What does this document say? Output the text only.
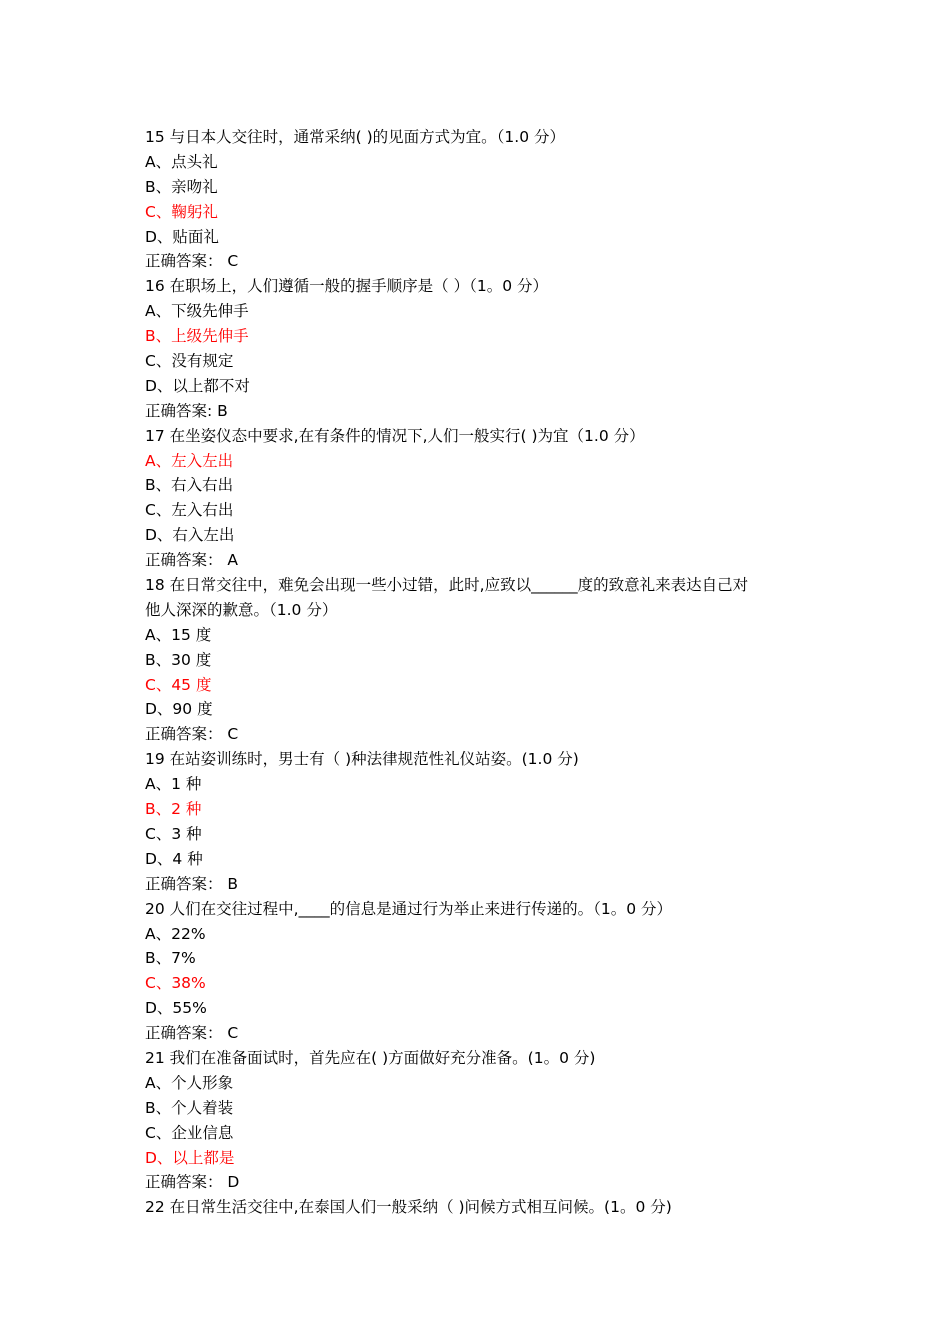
15 与日本人交往时，通常采纳( )的见面方式为宜。（1.0 分）
A、点头礼
B、亲吻礼
C、鞠躬礼
D、贴面礼
正确答案： C
16 在职场上，人们遵循一般的握手顺序是（ ）（1。0 分）
A、下级先伸手
B、上级先伸手
C、没有规定
D、以上都不对
正确答案: B
17 在坐姿仪态中要求,在有条件的情况下,人们一般实行( )为宜（1.0 分）
A、左入左出
B、右入右出
C、左入右出
D、右入左出
正确答案： A
18 在日常交往中，难免会出现一些小过错，此时,应致以______度的致意礼来表达自己对
他人深深的歉意。（1.0 分）
A、15 度
B、30 度
C、45 度
D、90 度
正确答案： C
19 在站姿训练时，男士有（ )种法律规范性礼仪站姿。(1.0 分)
A、1 种
B、2 种
C、3 种
D、4 种
正确答案： B
20 人们在交往过程中,____的信息是通过行为举止来进行传递的。（1。0 分）
A、22%
B、7%
C、38%
D、55%
正确答案： C
21 我们在准备面试时，首先应在( )方面做好充分准备。(1。0 分)
A、个人形象
B、个人着装
C、企业信息
D、以上都是
正确答案： D
22 在日常生活交往中,在泰国人们一般采纳（ )问候方式相互问候。(1。0 分)
